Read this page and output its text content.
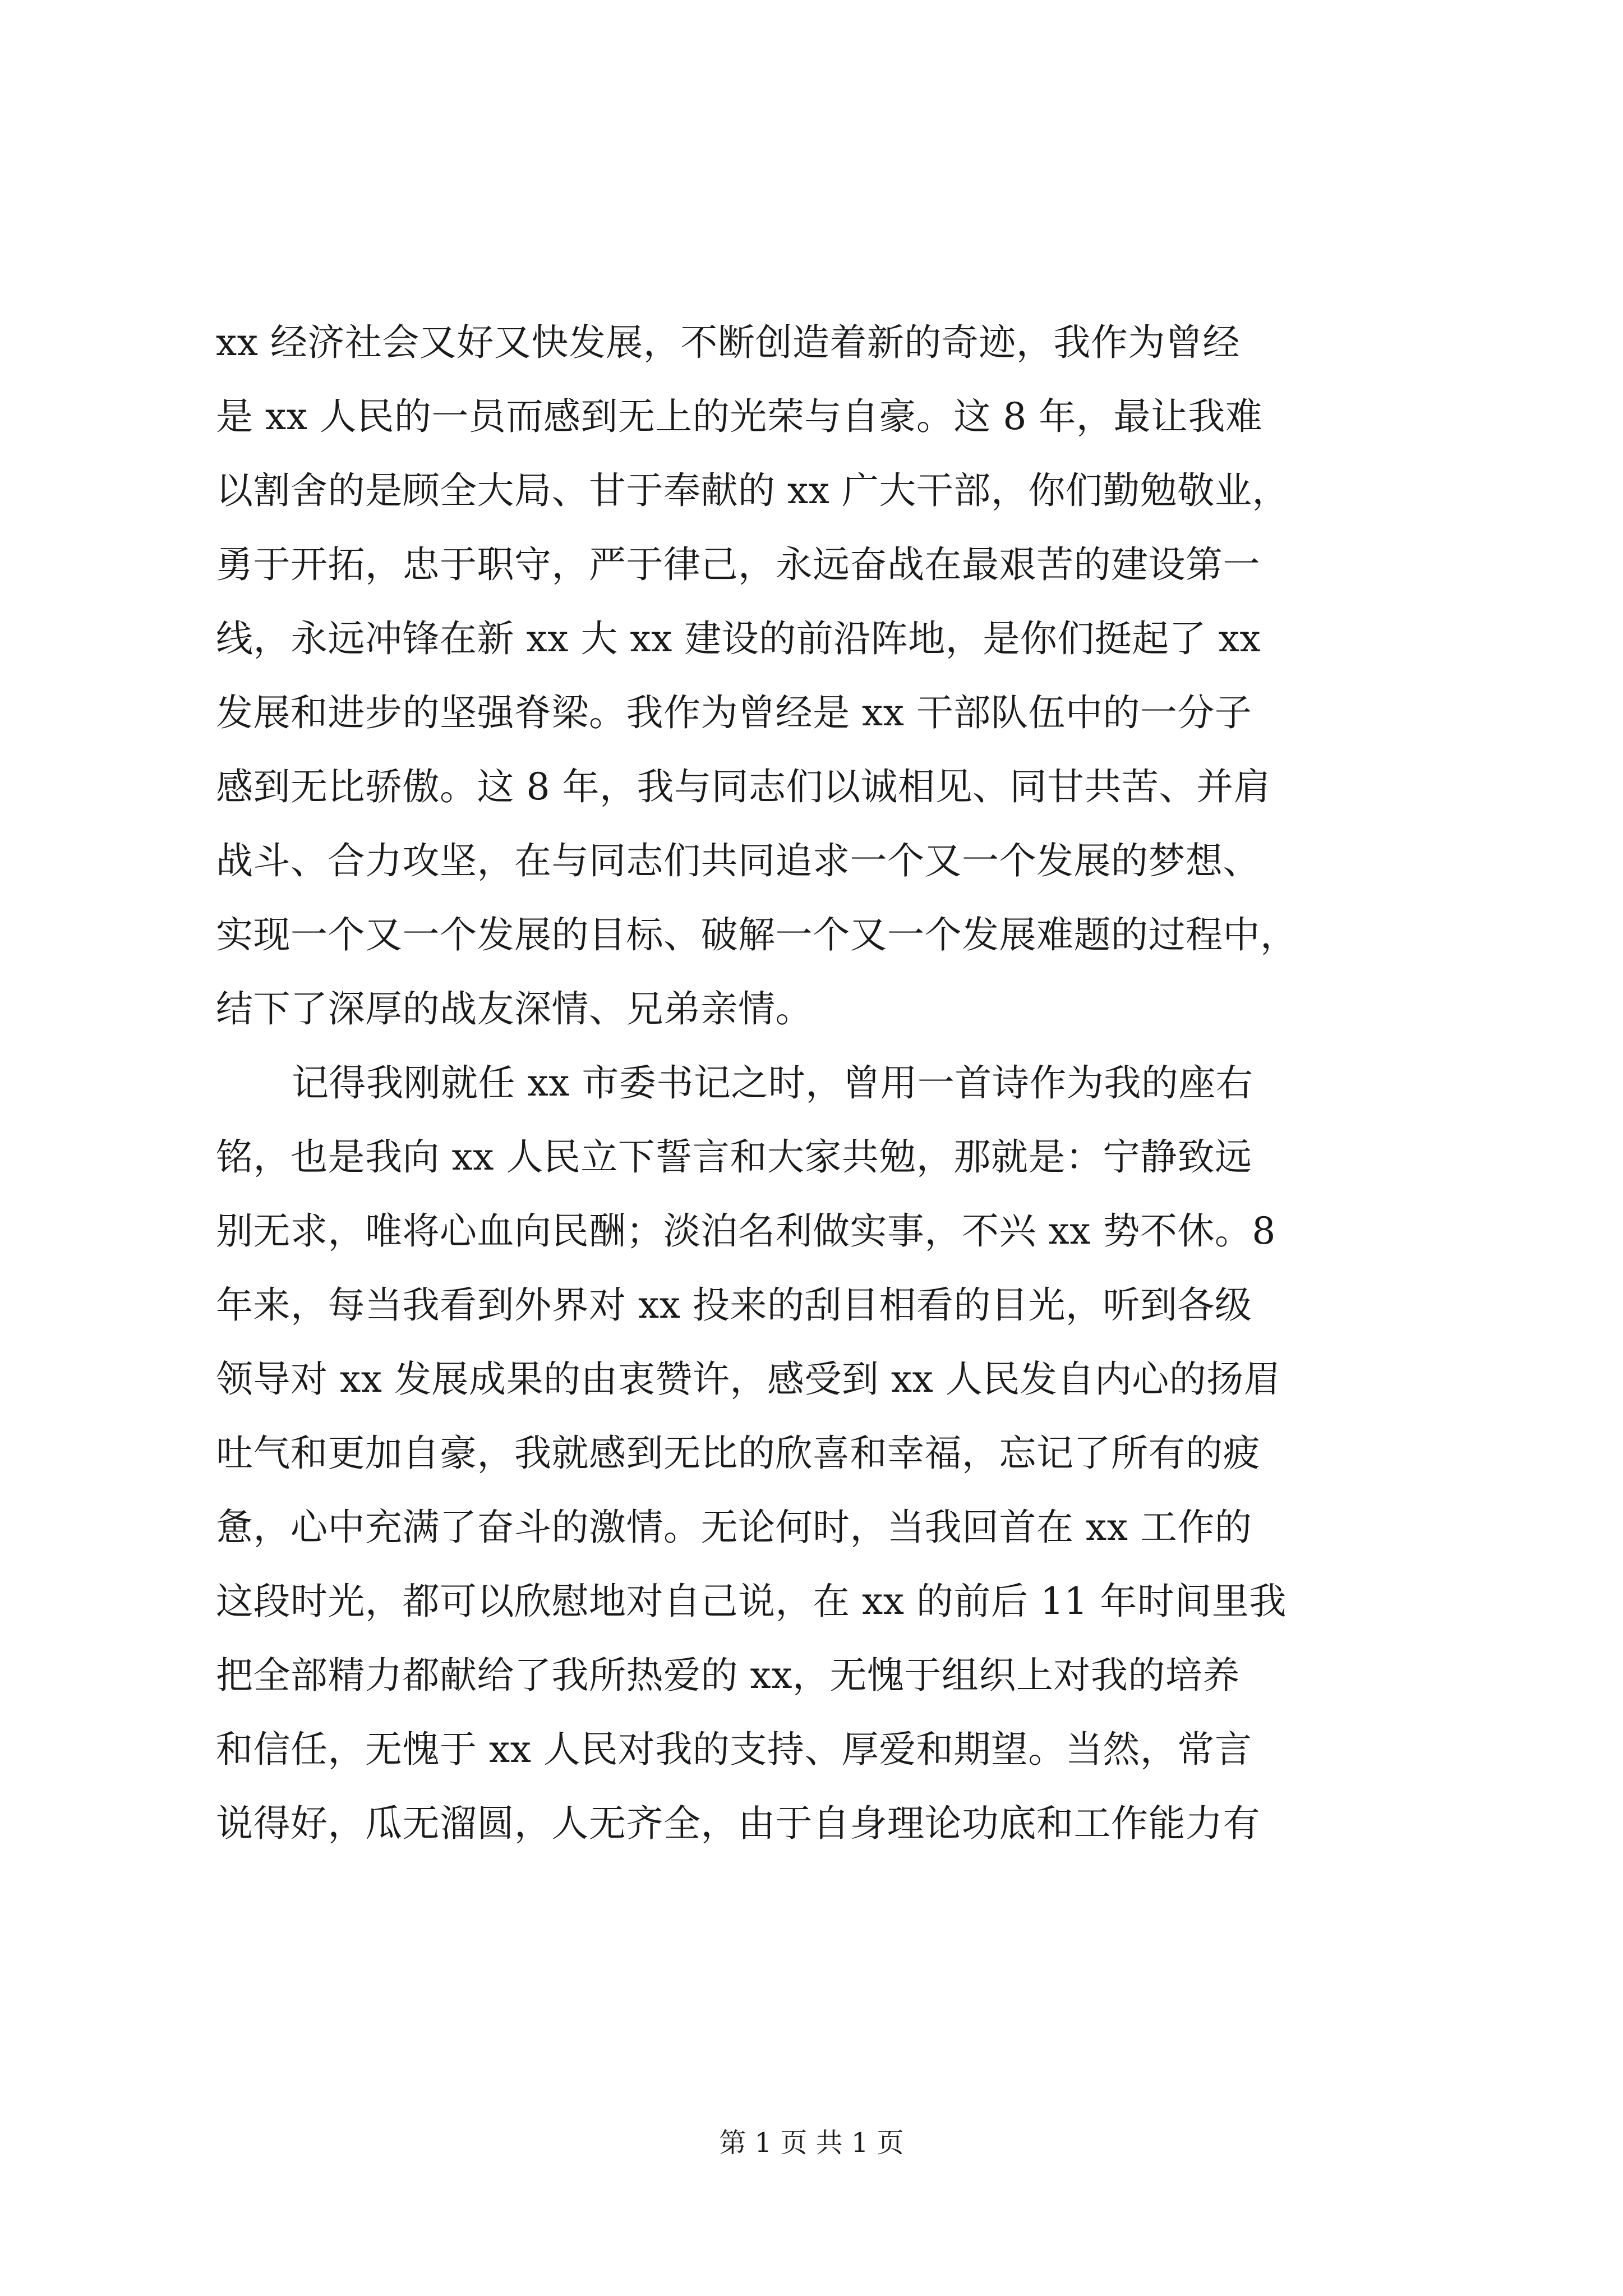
xx 经济社会又好又快发展，不断创造着新的奇迹，我作为曾经
是 xx 人民的一员而感到无上的光荣与自豪。这 8 年，最让我难
以割舍的是顾全大局、甘于奉献的 xx 广大干部，你们勤勉敬业，
勇于开拓，忠于职守，严于律己，永远奋战在最艰苦的建设第一
线，永远冲锋在新 xx 大 xx 建设的前沿阵地，是你们挺起了 xx
发展和进步的坚强脊梁。我作为曾经是 xx 干部队伍中的一分子
感到无比骄傲。这 8 年，我与同志们以诚相见、同甘共苦、并肩
战斗、合力攻坚，在与同志们共同追求一个又一个发展的梦想、
实现一个又一个发展的目标、破解一个又一个发展难题的过程中，
结下了深厚的战友深情、兄弟亲情。
记得我刚就任 xx 市委书记之时，曾用一首诗作为我的座右
铭，也是我向 xx 人民立下誓言和大家共勉，那就是：宁静致远
别无求，唯将心血向民酬；淡泊名利做实事，不兴 xx 势不休。8
年来，每当我看到外界对 xx 投来的刮目相看的目光，听到各级
领导对 xx 发展成果的由衷赞许，感受到 xx 人民发自内心的扬眉
吐气和更加自豪，我就感到无比的欣喜和幸福，忘记了所有的疲
惫，心中充满了奋斗的激情。无论何时，当我回首在 xx 工作的
这段时光，都可以欣慰地对自己说，在 xx 的前后 11 年时间里我
把全部精力都献给了我所热爱的 xx，无愧于组织上对我的培养
和信任，无愧于 xx 人民对我的支持、厚爱和期望。当然，常言
说得好，瓜无溜圆，人无齐全，由于自身理论功底和工作能力有
第 1 页 共 1 页
